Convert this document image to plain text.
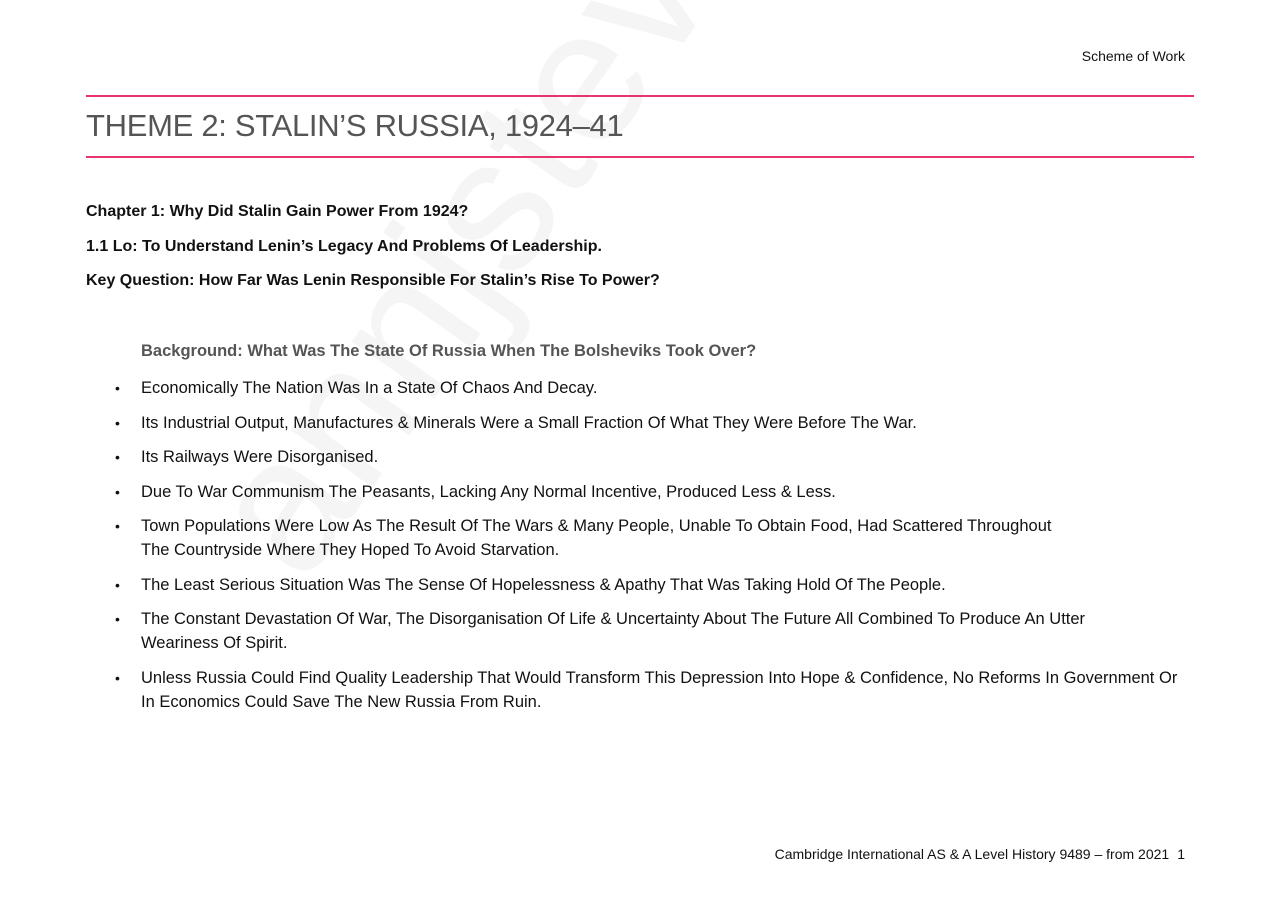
Scheme of Work
THEME 2: STALIN’S RUSSIA, 1924–41
Chapter 1: Why Did Stalin Gain Power From 1924?
1.1 Lo: To Understand Lenin’s Legacy And Problems Of Leadership.
Key Question: How Far Was Lenin Responsible For Stalin’s Rise To Power?
Background: What Was The State Of Russia When The Bolsheviks Took Over?
• Economically The Nation Was In a State Of Chaos And Decay.
• Its Industrial Output, Manufactures & Minerals Were a Small Fraction Of What They Were Before The War.
• Its Railways Were Disorganised.
• Due To War Communism The Peasants, Lacking Any Normal Incentive, Produced Less & Less.
• Town Populations Were Low As The Result Of The Wars & Many People, Unable To Obtain Food, Had Scattered Throughout The Countryside Where They Hoped To Avoid Starvation.
• The Least Serious Situation Was The Sense Of Hopelessness & Apathy That Was Taking Hold Of The People.
• The Constant Devastation Of War, The Disorganisation Of Life & Uncertainty About The Future All Combined To Produce An Utter Weariness Of Spirit.
• Unless Russia Could Find Quality Leadership That Would Transform This Depression Into Hope & Confidence, No Reforms In Government Or In Economics Could Save The New Russia From Ruin.
Cambridge International AS & A Level History 9489 – from 2021 1
